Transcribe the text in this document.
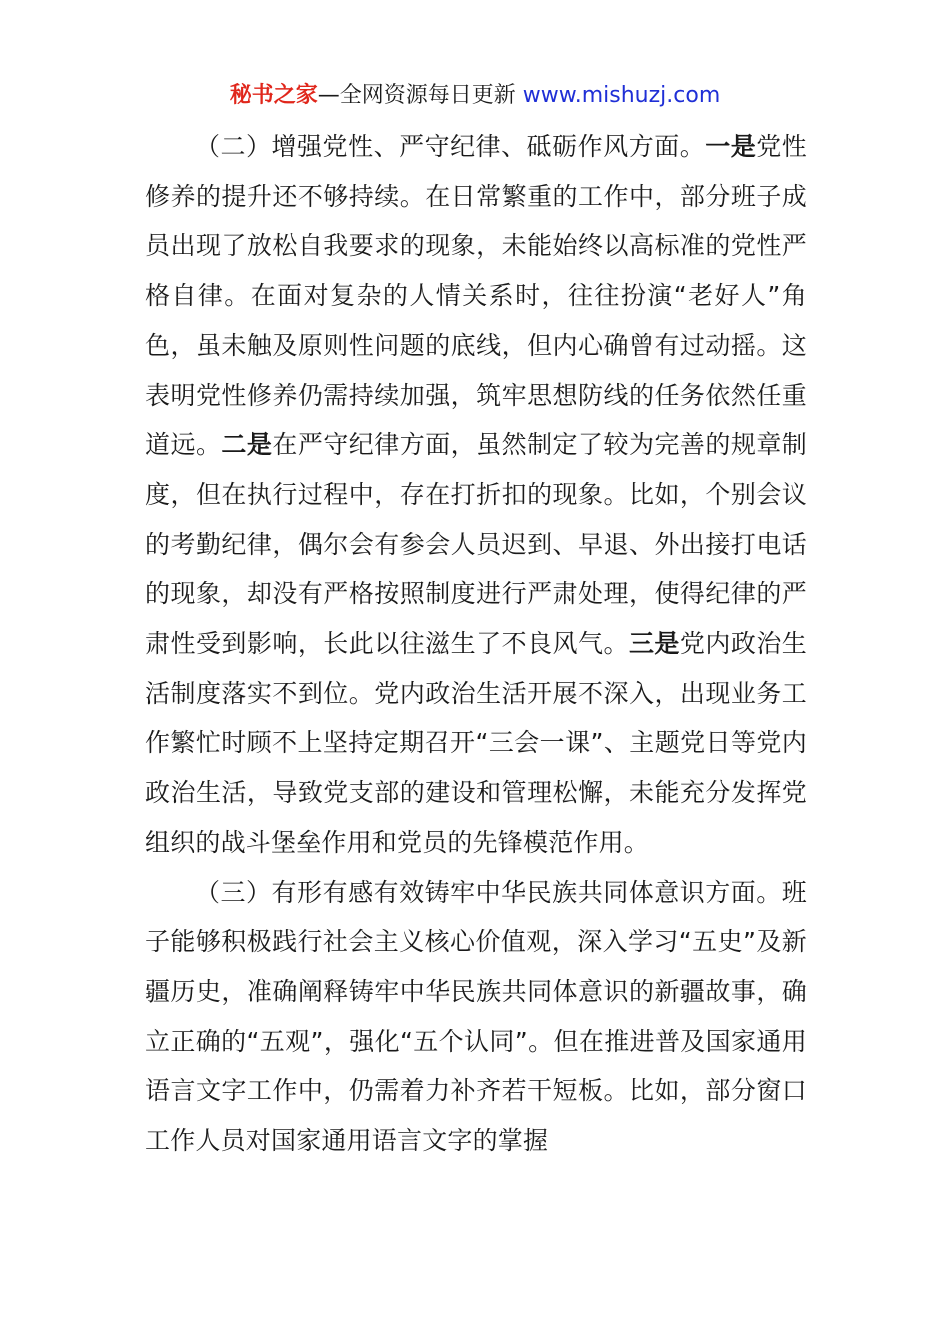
秘书之家—全网资源每日更新 www.mishuzj.com

（二）增强党性、严守纪律、砥砺作风方面。一是党性修养的提升还不够持续。在日常繁重的工作中，部分班子成员出现了放松自我要求的现象，未能始终以高标准的党性严格自律。在面对复杂的人情关系时，往往扮演“老好人”角色，虽未触及原则性问题的底线，但内心确曾有过动摇。这表明党性修养仍需持续加强，筑牢思想防线的任务依然任重道远。二是在严守纪律方面，虽然制定了较为完善的规章制度，但在执行过程中，存在打折扣的现象。比如，个别会议的考勤纪律，偶尔会有参会人员迟到、早退、外出接打电话的现象，却没有严格按照制度进行严肃处理，使得纪律的严肃性受到影响，长此以往滋生了不良风气。三是党内政治生活制度落实不到位。党内政治生活开展不深入，出现业务工作繁忙时顾不上坚持定期召开“三会一课”、主题党日等党内政治生活，导致党支部的建设和管理松懈，未能充分发挥党组织的战斗堡垒作用和党员的先锋模范作用。

（三）有形有感有效铸牢中华民族共同体意识方面。班子能够积极践行社会主义核心价值观，深入学习“五史”及新疆历史，准确阐释铸牢中华民族共同体意识的新疆故事，确立正确的“五观”，强化“五个认同”。但在推进普及国家通用语言文字工作中，仍需着力补齐若干短板。比如，部分窗口工作人员对国家通用语言文字的掌握
